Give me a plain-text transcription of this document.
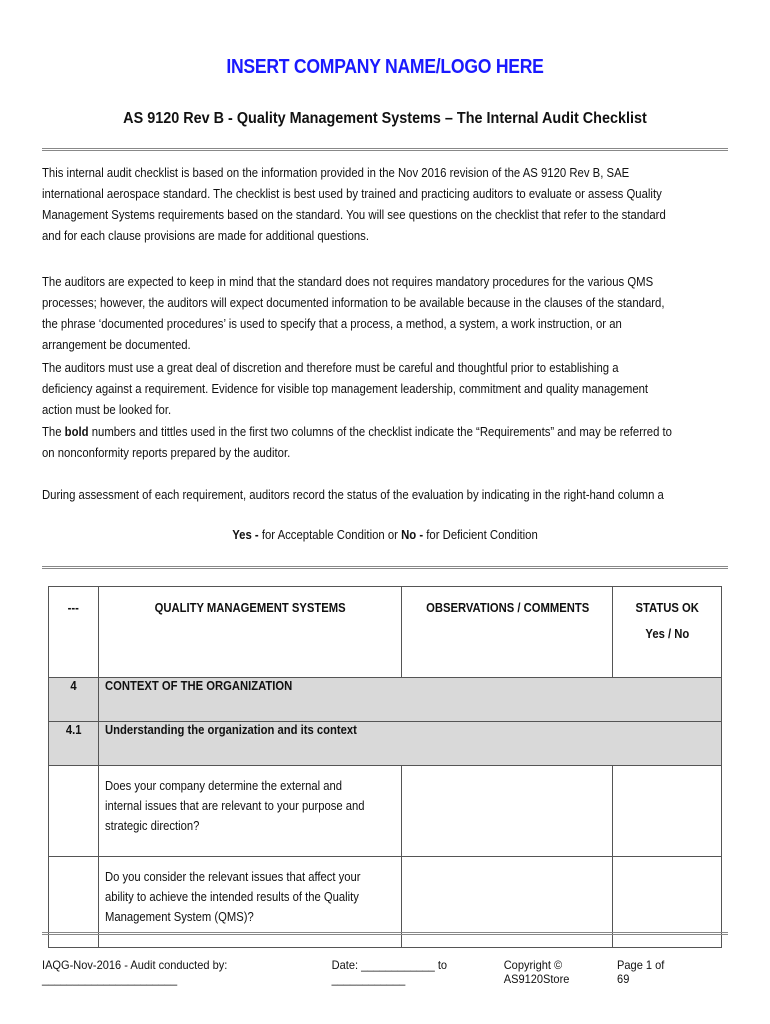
INSERT COMPANY NAME/LOGO HERE
AS 9120 Rev B - Quality Management Systems – The Internal Audit Checklist
This internal audit checklist is based on the information provided in the Nov 2016 revision of the AS 9120 Rev B, SAE international aerospace standard. The checklist is best used by trained and practicing auditors to evaluate or assess Quality Management Systems requirements based on the standard. You will see questions on the checklist that refer to the standard and for each clause provisions are made for additional questions.
The auditors are expected to keep in mind that the standard does not requires mandatory procedures for the various QMS processes; however, the auditors will expect documented information to be available because in the clauses of the standard, the phrase ‘documented procedures’ is used to specify that a process, a method, a system, a work instruction, or an arrangement be documented.
The auditors must use a great deal of discretion and therefore must be careful and thoughtful prior to establishing a deficiency against a requirement. Evidence for visible top management leadership, commitment and quality management action must be looked for.
The bold numbers and tittles used in the first two columns of the checklist indicate the “Requirements” and may be referred to on nonconformity reports prepared by the auditor.
During assessment of each requirement, auditors record the status of the evaluation by indicating in the right-hand column a
Yes - for Acceptable Condition or No - for Deficient Condition
---	QUALITY MANAGEMENT SYSTEMS	OBSERVATIONS / COMMENTS	STATUS OK
Yes / No

4	CONTEXT OF THE ORGANIZATION		
4.1	Understanding the organization and its context		

	Does your company determine the external and internal issues that are relevant to your purpose and strategic direction?		

	Do you consider the relevant issues that affect your ability to achieve the intended results of the Quality Management System (QMS)?		

IAQG-Nov-2016 - Audit conducted by: ______________________
Date: ____________ to ____________
Copyright © AS9120Store
Page 1 of 69
